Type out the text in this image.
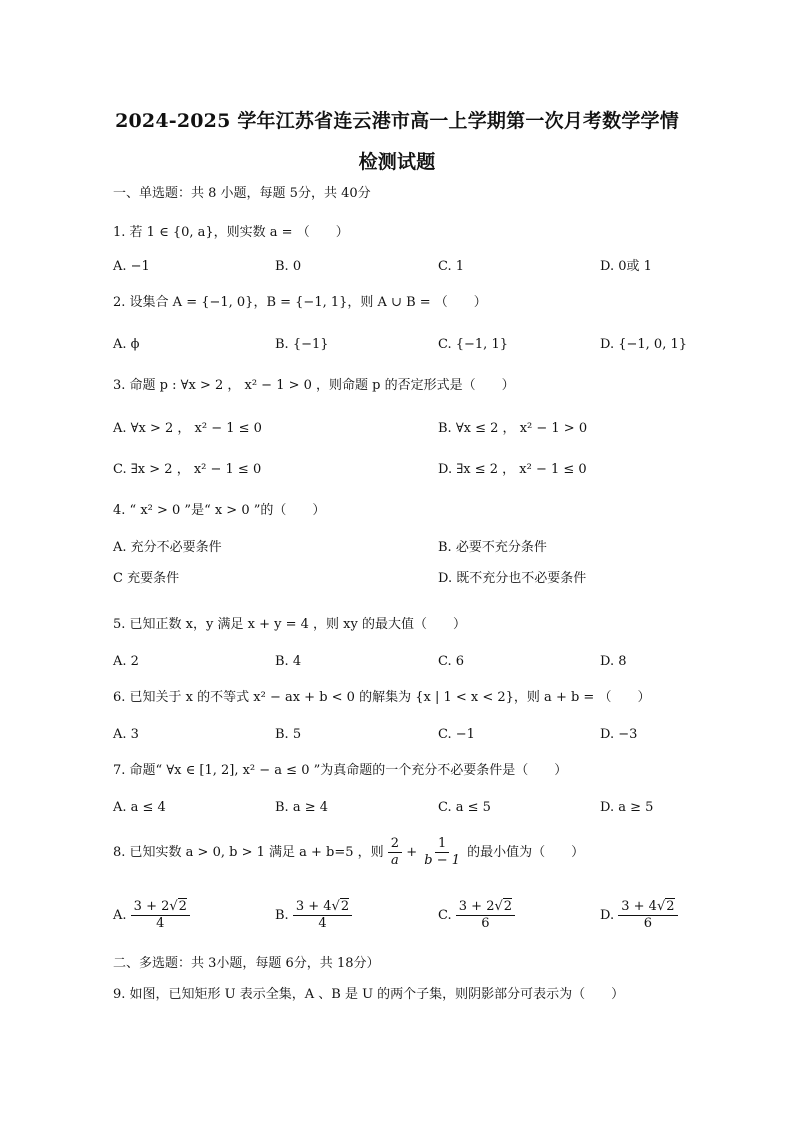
2024-2025 学年江苏省连云港市高一上学期第一次月考数学学情
检测试题
一、单选题：共 8 小题，每题 5分，共 40分
1. 若 1 ∈ {0, a}，则实数 a = （　　）
A. −1	B. 0	C. 1	D. 0或 1
2. 设集合 A = {−1, 0}，B = {−1, 1}，则 A ∪ B = （　　）
A. ϕ	B. {−1}	C. {−1, 1}	D. {−1, 0, 1}
3. 命题 p : ∀x > 2 ， x² − 1 > 0 ，则命题 p 的否定形式是（　　）
A. ∀x > 2 ， x² − 1 ≤ 0	B. ∀x ≤ 2 ， x² − 1 > 0
C. ∃x > 2 ， x² − 1 ≤ 0	D. ∃x ≤ 2 ， x² − 1 ≤ 0
4. “ x² > 0 ”是“ x > 0 ”的（　　）
A. 充分不必要条件	B. 必要不充分条件
C 充要条件	D. 既不充分也不必要条件
5. 已知正数 x，y 满足 x + y = 4 ，则 xy 的最大值（　　）
A. 2	B. 4	C. 6	D. 8
6. 已知关于 x 的不等式 x² − ax + b < 0 的解集为 {x | 1 < x < 2}，则 a + b = （　　）
A. 3	B. 5	C. −1	D. −3
7. 命题“ ∀x ∈ [1, 2], x² − a ≤ 0 ”为真命题的一个充分不必要条件是（　　）
A. a ≤ 4	B. a ≥ 4	C. a ≤ 5	D. a ≥ 5
8. 已知实数 a > 0, b > 1 满足 a + b=5 ，则 $\frac{2}{a} + \frac{1}{b - 1}$ 的最小值为（　　）
A. $\frac{3 + 2√2}{4}$	B. $\frac{3 + 4√2}{4}$	C. $\frac{3 + 2√2}{6}$	D. $\frac{3 + 4√2}{6}$
二、多选题：共 3小题，每题 6分，共 18分）
9. 如图，已知矩形 U 表示全集，A 、B 是 U 的两个子集，则阴影部分可表示为（　　）
